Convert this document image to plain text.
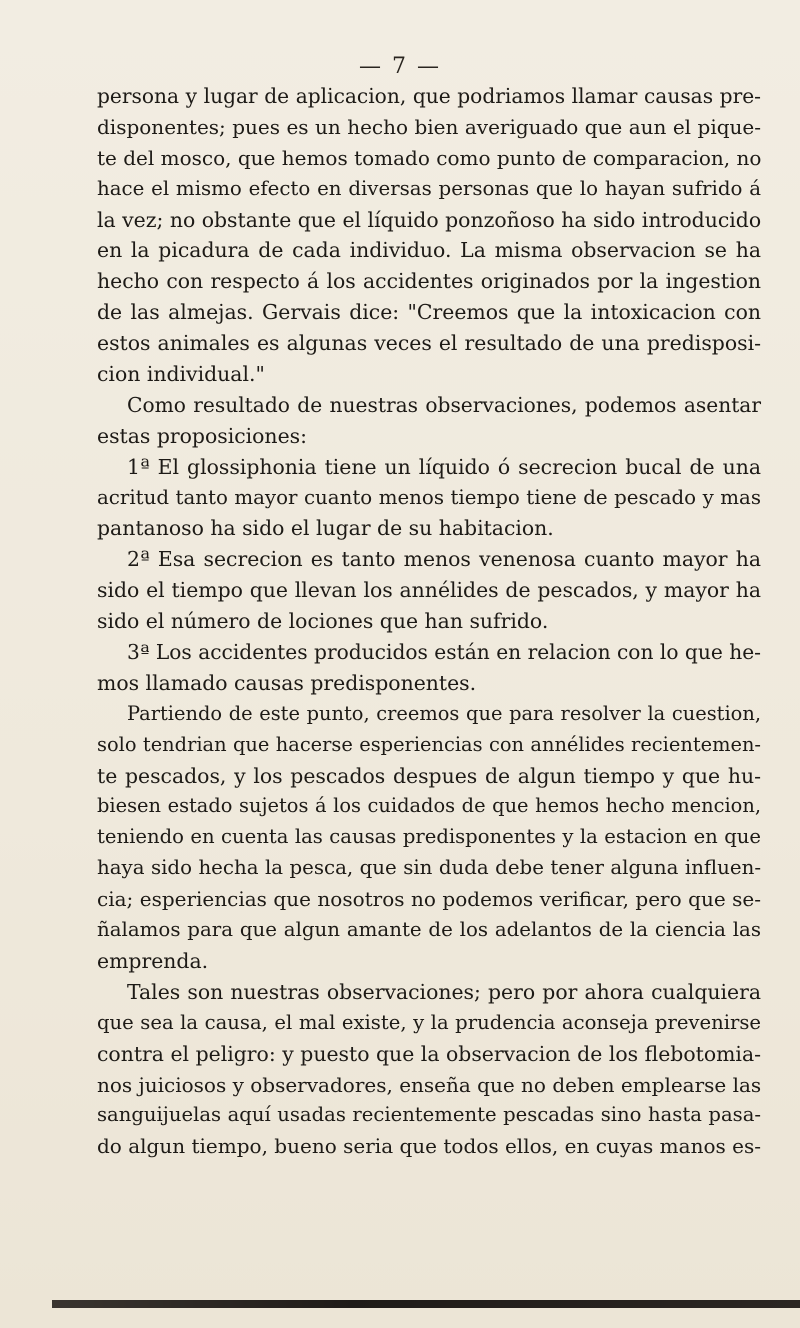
— 7 —
persona y lugar de aplicacion, que podriamos llamar causas pre-
disponentes; pues es un hecho bien averiguado que aun el pique-
te del mosco, que hemos tomado como punto de comparacion, no
hace el mismo efecto en diversas personas que lo hayan sufrido á
la vez; no obstante que el líquido ponzoñoso ha sido introducido
en la picadura de cada individuo. La misma observacion se ha
hecho con respecto á los accidentes originados por la ingestion
de las almejas. Gervais dice: "Creemos que la intoxicacion con
estos animales es algunas veces el resultado de una predisposi-
cion individual."
Como resultado de nuestras observaciones, podemos asentar
estas proposiciones:
1ª El glossiphonia tiene un líquido ó secrecion bucal de una
acritud tanto mayor cuanto menos tiempo tiene de pescado y mas
pantanoso ha sido el lugar de su habitacion.
2ª Esa secrecion es tanto menos venenosa cuanto mayor ha
sido el tiempo que llevan los annélides de pescados, y mayor ha
sido el número de lociones que han sufrido.
3ª Los accidentes producidos están en relacion con lo que he-
mos llamado causas predisponentes.
Partiendo de este punto, creemos que para resolver la cuestion,
solo tendrian que hacerse esperiencias con annélides recientemen-
te pescados, y los pescados despues de algun tiempo y que hu-
biesen estado sujetos á los cuidados de que hemos hecho mencion,
teniendo en cuenta las causas predisponentes y la estacion en que
haya sido hecha la pesca, que sin duda debe tener alguna influen-
cia; esperiencias que nosotros no podemos verificar, pero que se-
ñalamos para que algun amante de los adelantos de la ciencia las
emprenda.
Tales son nuestras observaciones; pero por ahora cualquiera
que sea la causa, el mal existe, y la prudencia aconseja prevenirse
contra el peligro: y puesto que la observacion de los flebotomia-
nos juiciosos y observadores, enseña que no deben emplearse las
sanguijuelas aquí usadas recientemente pescadas sino hasta pasa-
do algun tiempo, bueno seria que todos ellos, en cuyas manos es-
